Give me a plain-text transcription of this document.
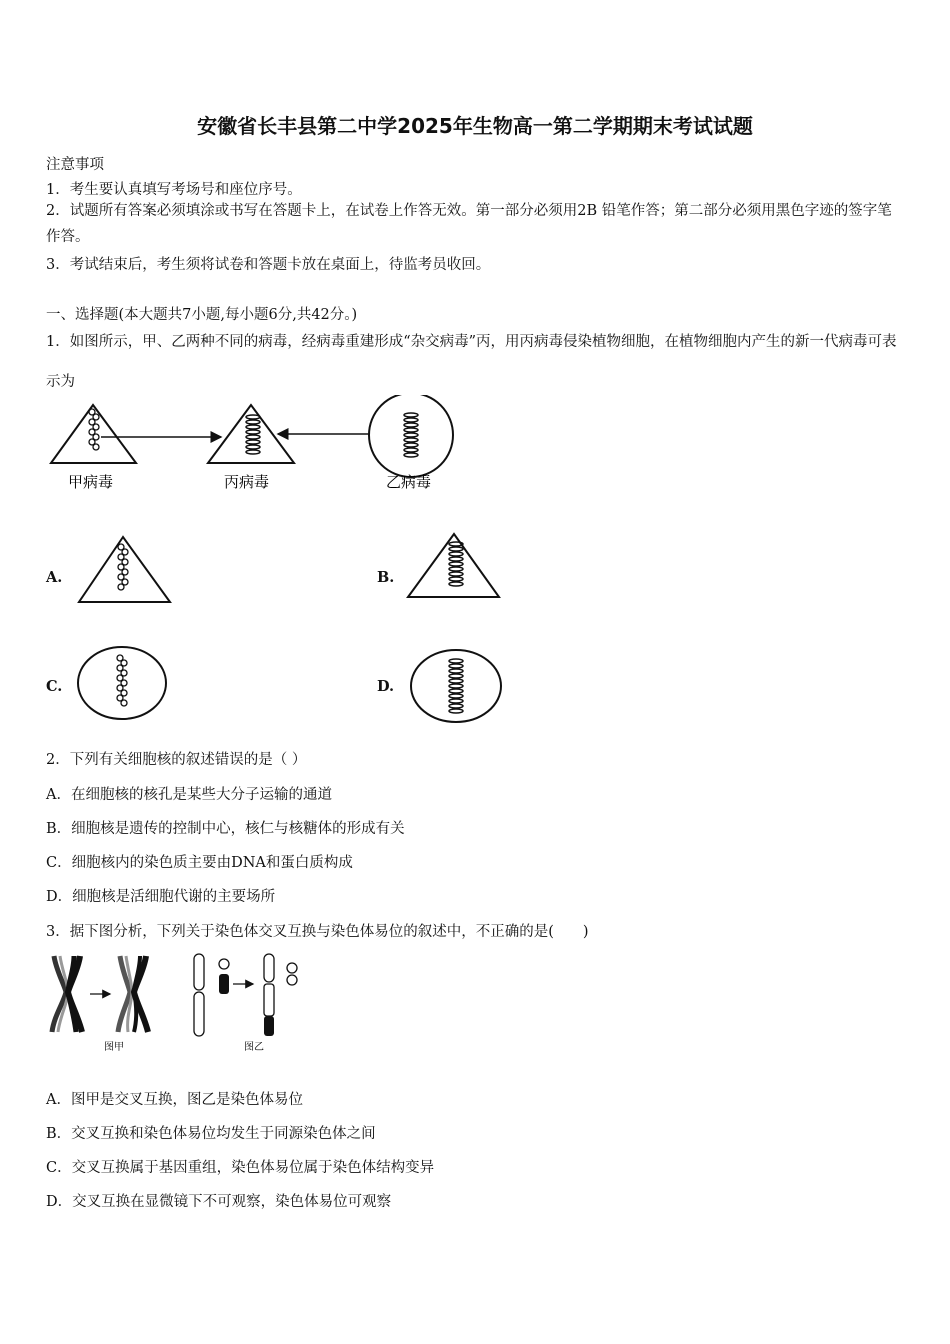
安徽省长丰县第二中学2025年生物高一第二学期期末考试试题
注意事项
1．考生要认真填写考场号和座位序号。
2．试题所有答案必须填涂或书写在答题卡上，在试卷上作答无效。第一部分必须用2B 铅笔作答；第二部分必须用黑色字迹的签字笔作答。
3．考试结束后，考生须将试卷和答题卡放在桌面上，待监考员收回。
一、选择题(本大题共7小题,每小题6分,共42分。)
1．如图所示，甲、乙两种不同的病毒，经病毒重建形成“杂交病毒”丙，用丙病毒侵染植物细胞，在植物细胞内产生的新一代病毒可表示为
甲病毒	丙病毒	乙病毒
A.	B.
C.	D.
2．下列有关细胞核的叙述错误的是（ ）
A．在细胞核的核孔是某些大分子运输的通道
B．细胞核是遗传的控制中心，核仁与核糖体的形成有关
C．细胞核内的染色质主要由DNA和蛋白质构成
D．细胞核是活细胞代谢的主要场所
3．据下图分析，下列关于染色体交叉互换与染色体易位的叙述中，不正确的是(　　)
图甲	图乙
A．图甲是交叉互换，图乙是染色体易位
B．交叉互换和染色体易位均发生于同源染色体之间
C．交叉互换属于基因重组，染色体易位属于染色体结构变异
D．交叉互换在显微镜下不可观察，染色体易位可观察
